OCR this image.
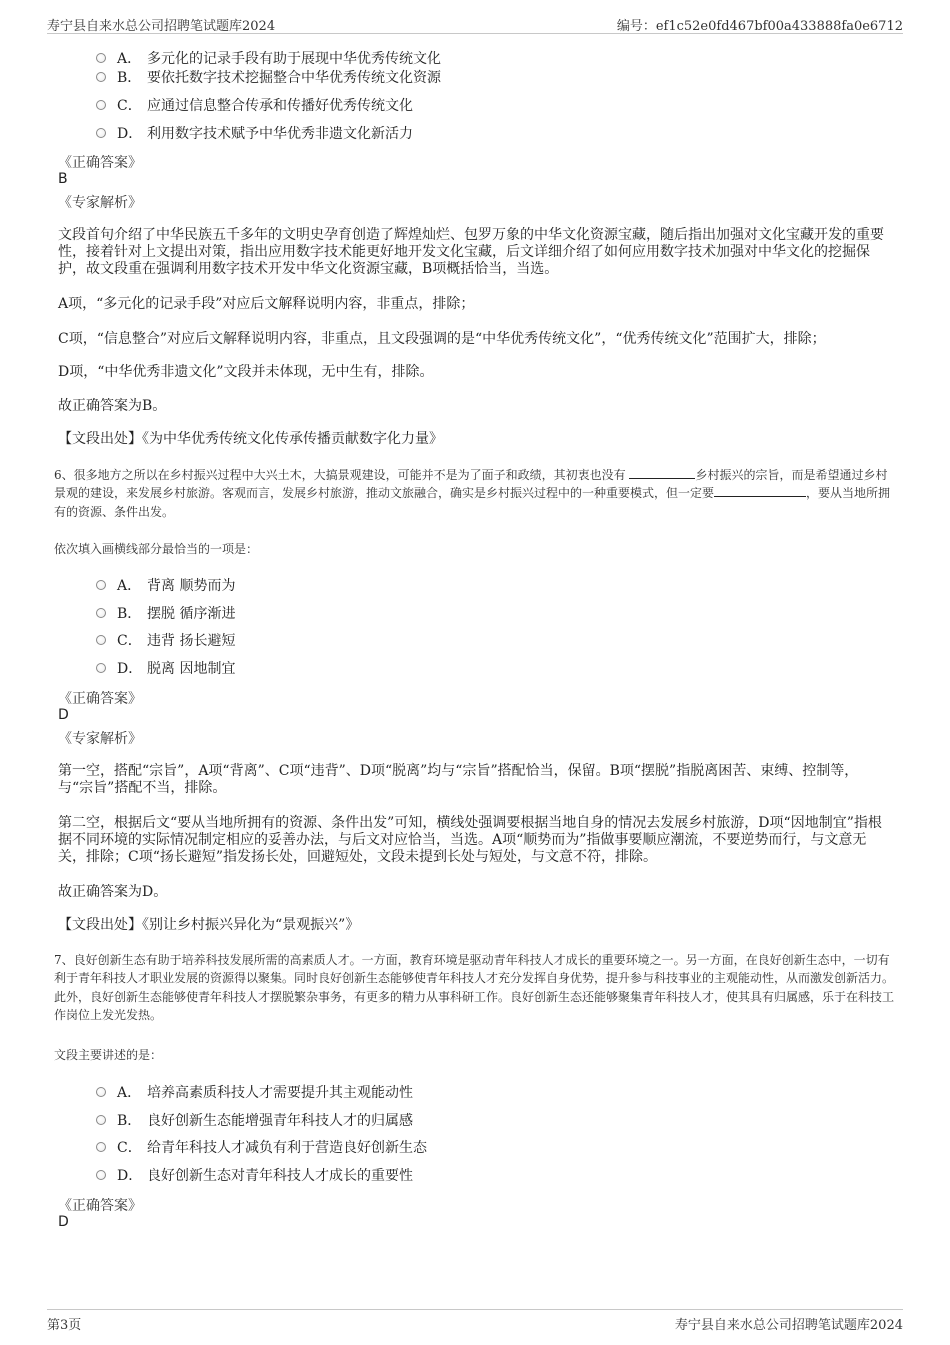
寿宁县自来水总公司招聘笔试题库2024	编号：ef1c52e0fd467bf00a433888fa0e6712
A． 多元化的记录手段有助于展现中华优秀传统文化
B． 要依托数字技术挖掘整合中华优秀传统文化资源
C． 应通过信息整合传承和传播好优秀传统文化
D． 利用数字技术赋予中华优秀非遗文化新活力
《正确答案》
B
《专家解析》

文段首句介绍了中华民族五千多年的文明史孕育创造了辉煌灿烂、包罗万象的中华文化资源宝藏，随后指出加强对文化宝藏开发的重要性，接着针对上文提出对策，指出应用数字技术能更好地开发文化宝藏，后文详细介绍了如何应用数字技术加强对中华文化的挖掘保护，故文段重在强调利用数字技术开发中华文化资源宝藏，B项概括恰当，当选。

A项，“多元化的记录手段”对应后文解释说明内容，非重点，排除；

C项，“信息整合”对应后文解释说明内容，非重点，且文段强调的是“中华优秀传统文化”，“优秀传统文化”范围扩大，排除；

D项，“中华优秀非遗文化”文段并未体现，无中生有，排除。

故正确答案为B。

【文段出处】《为中华优秀传统文化传承传播贡献数字化力量》

6、很多地方之所以在乡村振兴过程中大兴土木，大搞景观建设，可能并不是为了面子和政绩，其初衷也没有	乡村振兴的宗旨，而是希望通过乡村景观的建设，来发展乡村旅游。客观而言，发展乡村旅游，推动文旅融合，确实是乡村振兴过程中的一种重要模式，但一定要	，要从当地所拥有的资源、条件出发。

依次填入画横线部分最恰当的一项是：
A． 背离 顺势而为
B． 摆脱 循序渐进
C． 违背 扬长避短
D． 脱离 因地制宜
《正确答案》
D
《专家解析》

第一空，搭配“宗旨”，A项“背离”、C项“违背”、D项“脱离”均与“宗旨”搭配恰当，保留。B项“摆脱”指脱离困苦、束缚、控制等，与“宗旨”搭配不当，排除。

第二空，根据后文“要从当地所拥有的资源、条件出发”可知，横线处强调要根据当地自身的情况去发展乡村旅游，D项“因地制宜”指根据不同环境的实际情况制定相应的妥善办法，与后文对应恰当，当选。A项“顺势而为”指做事要顺应潮流，不要逆势而行，与文意无关，排除；C项“扬长避短”指发扬长处，回避短处，文段未提到长处与短处，与文意不符，排除。

故正确答案为D。

【文段出处】《别让乡村振兴异化为“景观振兴”》

7、良好创新生态有助于培养科技发展所需的高素质人才。一方面，教育环境是驱动青年科技人才成长的重要环境之一。另一方面，在良好创新生态中，一切有利于青年科技人才职业发展的资源得以聚集。同时良好创新生态能够使青年科技人才充分发挥自身优势，提升参与科技事业的主观能动性，从而激发创新活力。此外，良好创新生态能够使青年科技人才摆脱繁杂事务，有更多的精力从事科研工作。良好创新生态还能够聚集青年科技人才，使其具有归属感，乐于在科技工作岗位上发光发热。

文段主要讲述的是：
A． 培养高素质科技人才需要提升其主观能动性
B． 良好创新生态能增强青年科技人才的归属感
C． 给青年科技人才减负有利于营造良好创新生态
D． 良好创新生态对青年科技人才成长的重要性
《正确答案》
D
第3页	寿宁县自来水总公司招聘笔试题库2024
